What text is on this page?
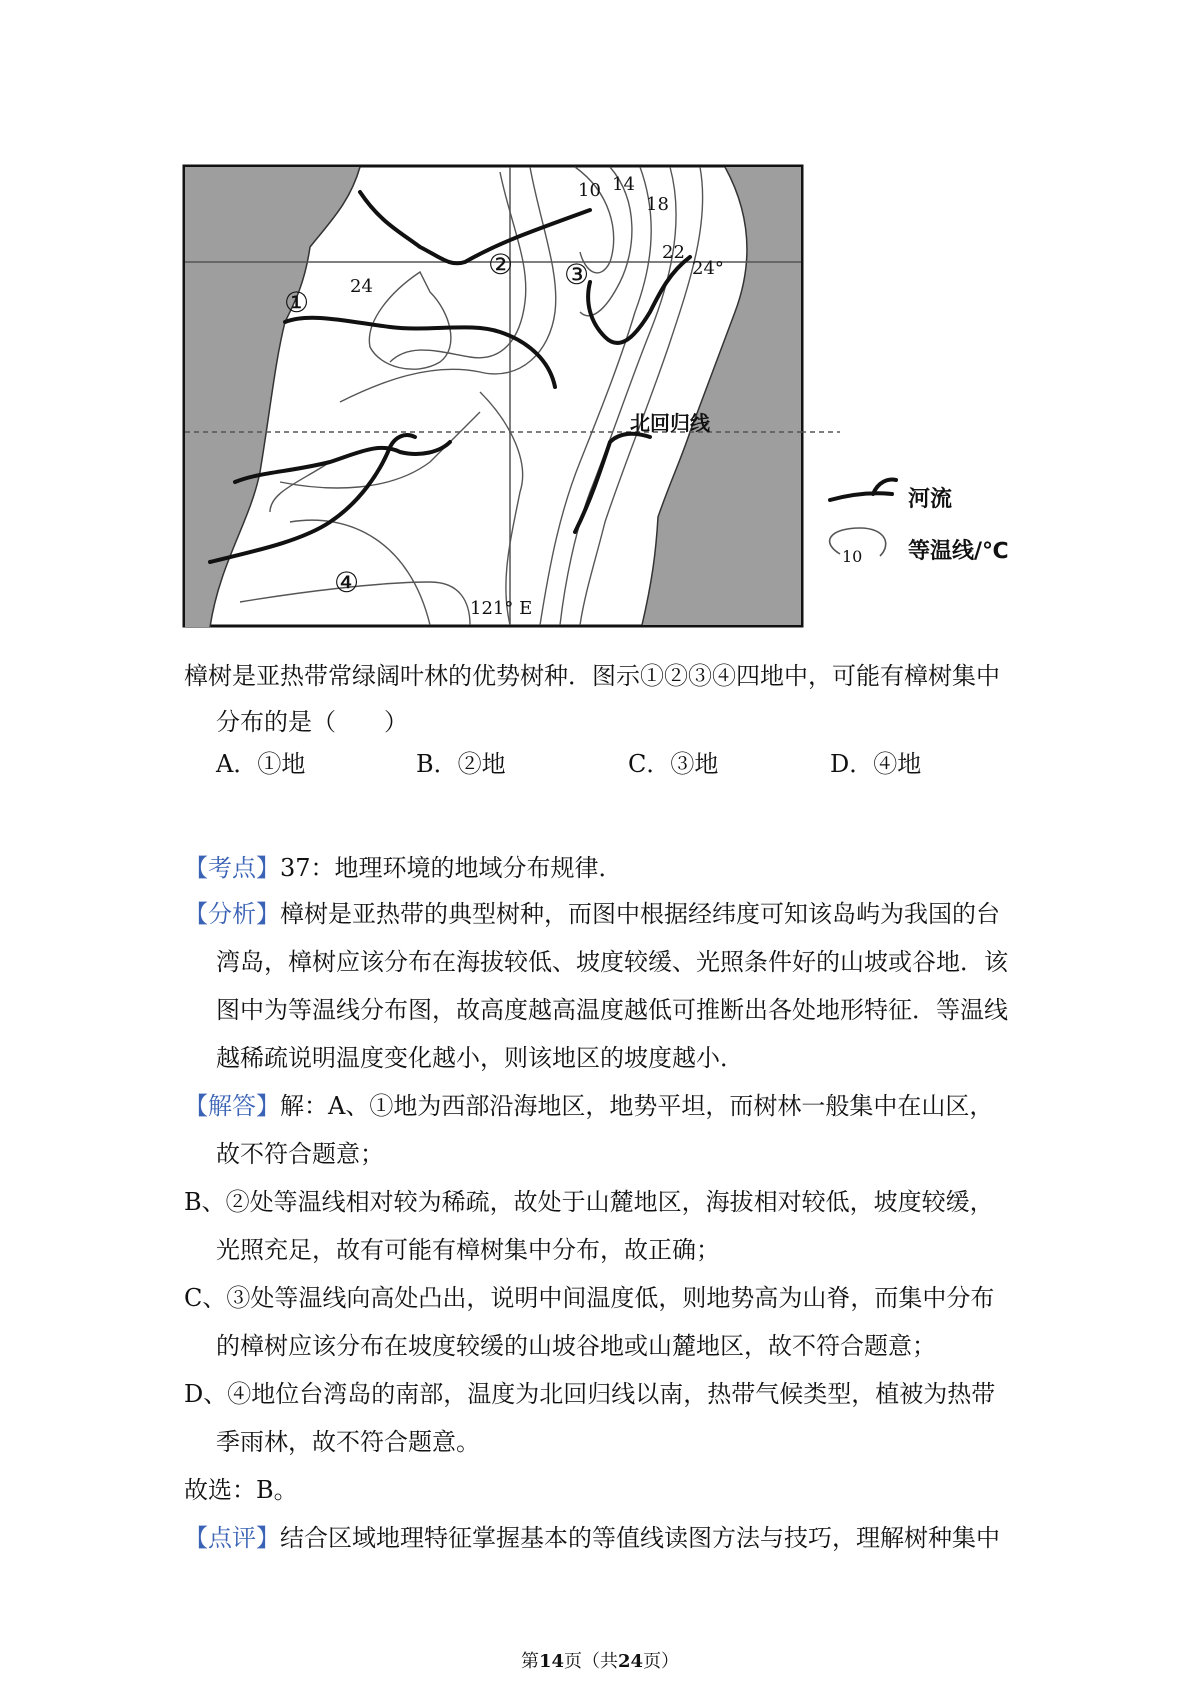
10 14
18
22
24
24°
121° E
北回归线
①
② ③
④
河流
10 等温线/℃
樟树是亚热带常绿阔叶林的优势树种．图示①②③④四地中，可能有樟树集中
分布的是（　　）
A．①地	B．②地	C．③地	D．④地
【考点】37：地理环境的地域分布规律．
【分析】樟树是亚热带的典型树种，而图中根据经纬度可知该岛屿为我国的台
湾岛，樟树应该分布在海拔较低、坡度较缓、光照条件好的山坡或谷地．该
图中为等温线分布图，故高度越高温度越低可推断出各处地形特征．等温线
越稀疏说明温度变化越小，则该地区的坡度越小．
【解答】解：A、①地为西部沿海地区，地势平坦，而树林一般集中在山区，
故不符合题意；
B、②处等温线相对较为稀疏，故处于山麓地区，海拔相对较低，坡度较缓，
光照充足，故有可能有樟树集中分布，故正确；
C、③处等温线向高处凸出，说明中间温度低，则地势高为山脊，而集中分布
的樟树应该分布在坡度较缓的山坡谷地或山麓地区，故不符合题意；
D、④地位台湾岛的南部，温度为北回归线以南，热带气候类型，植被为热带
季雨林，故不符合题意。
故选：B。
【点评】结合区域地理特征掌握基本的等值线读图方法与技巧，理解树种集中
第14页（共24页）
